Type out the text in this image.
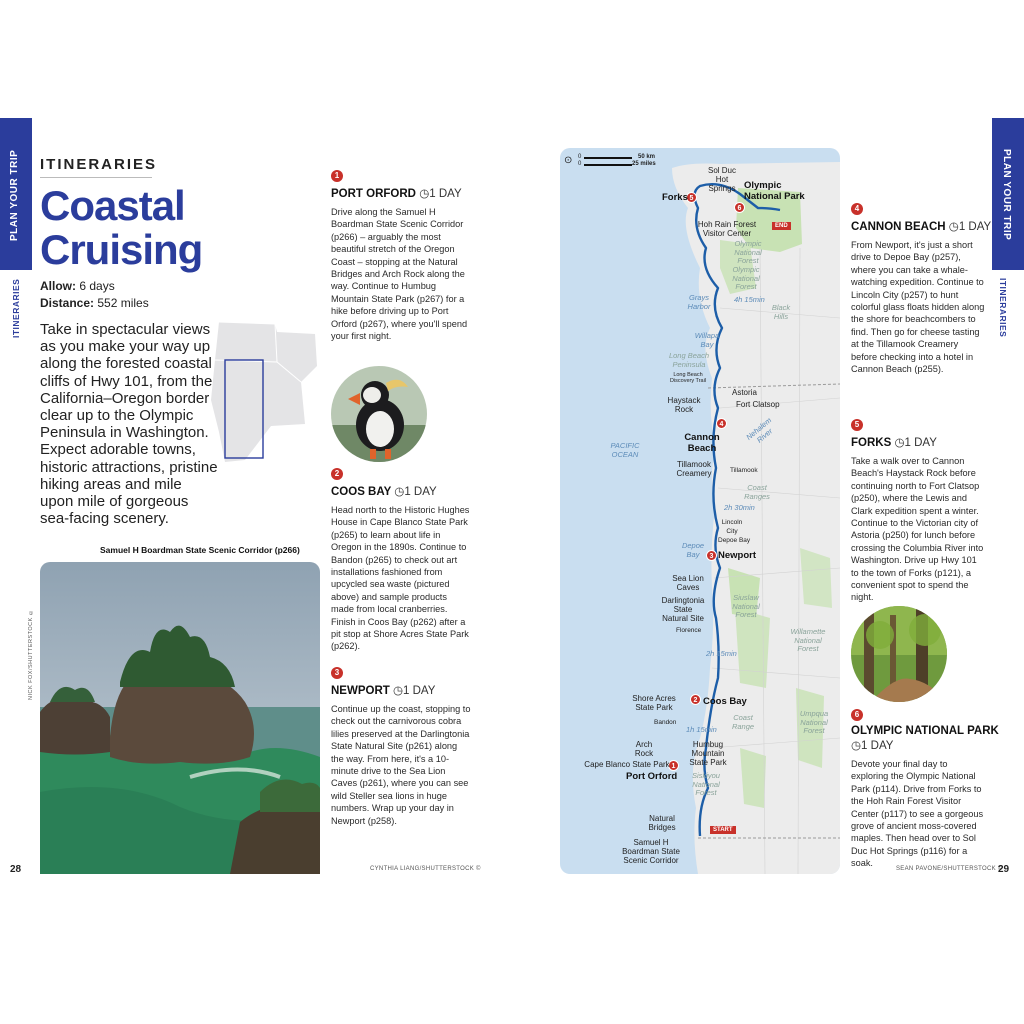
PLAN YOUR TRIP
ITINERARIES
ITINERARIES
Coastal
Cruising
Allow: 6 days
Distance: 552 miles
Take in spectacular views as you make your way up along the forested coastal cliffs of Hwy 101, from the California–Oregon border clear up to the Olympic Peninsula in Washington. Expect adorable towns, historic attractions, pristine hiking areas and mile upon mile of gorgeous sea-facing scenery.
Samuel H Boardman State Scenic Corridor (p266)
NICK FOX/SHUTTERSTOCK ©
1
PORT ORFORD ◷1 DAY
Drive along the Samuel H Boardman State Scenic Corridor (p266) – arguably the most beautiful stretch of the Oregon Coast – stopping at the Natural Bridges and Arch Rock along the way. Continue to Humbug Mountain State Park (p267) for a hike before driving up to Port Orford (p267), where you'll spend your first night.
2
COOS BAY ◷1 DAY
Head north to the Historic Hughes House in Cape Blanco State Park (p265) to learn about life in Oregon in the 1890s. Continue to Bandon (p265) to check out art installations fashioned from upcycled sea waste (pictured above) and sample products made from local cranberries. Finish in Coos Bay (p262) after a pit stop at Shore Acres State Park (p262).
3
NEWPORT ◷1 DAY
Continue up the coast, stopping to check out the carnivorous cobra lilies preserved at the Darlingtonia State Natural Site (p261) along the way. From here, it's a 10-minute drive to the Sea Lion Caves (p261), where you can see wild Steller sea lions in huge numbers. Wrap up your day in Newport (p258).
CYNTHIA LIANG/SHUTTERSTOCK ©
28
⊙ 0
0
50 km
25 miles
PACIFIC OCEAN
END
START
6
5
4
3
2
1
Olympic National Park
Forks
Cannon Beach
Newport
Coos Bay
Port Orford
Sol Duc Hot Springs
Hoh Rain Forest Visitor Center
Astoria
Fort Clatsop
Haystack Rock
Tillamook Creamery	Tillamook
Lincoln City
Depoe Bay
Sea Lion Caves
Darlingtonia State Natural Site
Florence
Shore Acres State Park
Bandon
Arch Rock
Cape Blanco State Park
Humbug Mountain State Park
Natural Bridges
Samuel H Boardman State Scenic Corridor
Long Beach Discovery Trail
Olympic National Forest
Olympic National Forest
Grays Harbor
Willapa Bay
Long Beach Peninsula
Black Hills
Nehalem River
Coast Ranges
Depoe Bay
Siuslaw National Forest
Willamette National Forest
Umpqua National Forest
Coast Range
Siskiyou National Forest
4h 15min
2h 30min
2h 15min
1h 15min
4
CANNON BEACH ◷1 DAY
From Newport, it's just a short drive to Depoe Bay (p257), where you can take a whale-watching expedition. Continue to Lincoln City (p257) to hunt colorful glass floats hidden along the shore for beachcombers to find. Then go for cheese tasting at the Tillamook Creamery before checking into a hotel in Cannon Beach (p255).
5
FORKS ◷1 DAY
Take a walk over to Cannon Beach's Haystack Rock before continuing north to Fort Clatsop (p250), where the Lewis and Clark expedition spent a winter. Continue to the Victorian city of Astoria (p250) for lunch before crossing the Columbia River into Washington. Drive up Hwy 101 to the town of Forks (p121), a convenient spot to spend the night.
6
OLYMPIC NATIONAL PARK
◷1 DAY
Devote your final day to exploring the Olympic National Park (p114). Drive from Forks to the Hoh Rain Forest Visitor Center (p117) to see a gorgeous grove of ancient moss-covered maples. Then head over to Sol Duc Hot Springs (p116) for a soak.
SEAN PAVONE/SHUTTERSTOCK ©
29
PLAN YOUR TRIP
ITINERARIES
